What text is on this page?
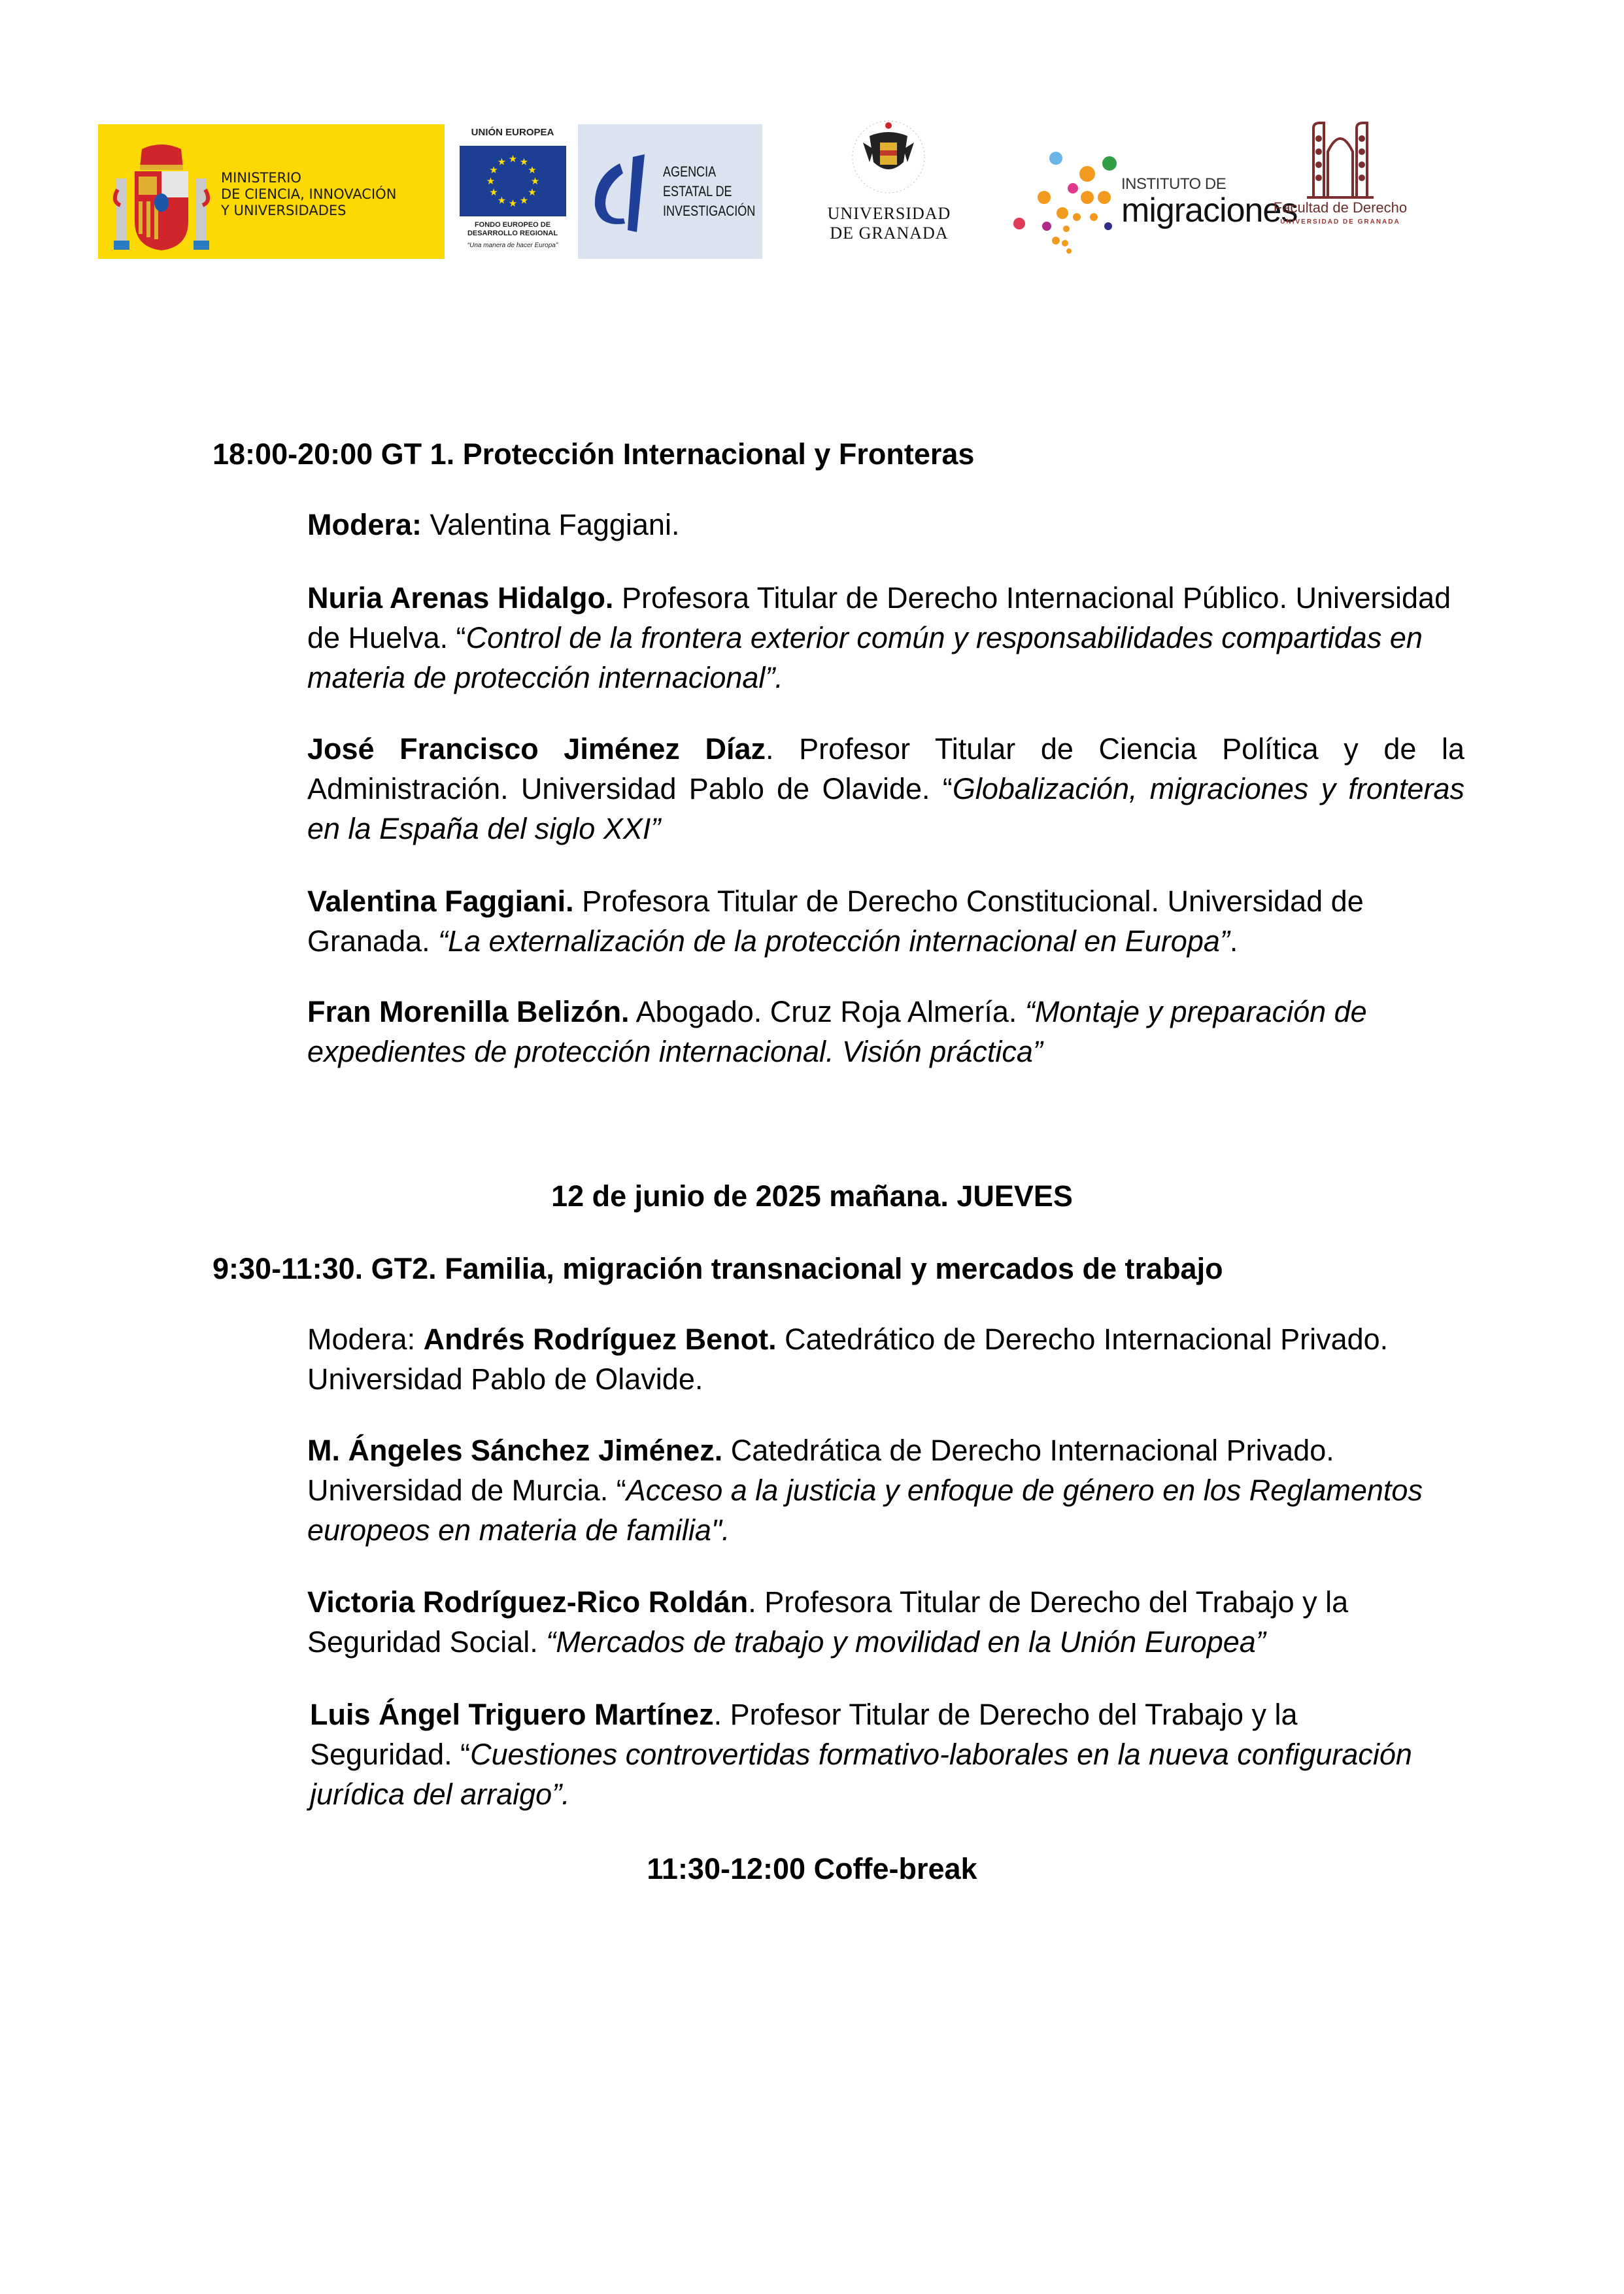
MINISTERIO
DE CIENCIA, INNOVACIÓN
Y UNIVERSIDADES
UNIÓN EUROPEA
★ ★
★
★
★
★
★
★
★
★
★
★
FONDO EUROPEO DE
DESARROLLO REGIONAL
“Una manera de hacer Europa”
AGENCIA
ESTATAL DE
INVESTIGACIÓN	UNIVERSIDAD
DE GRANADA
INSTITUTO DE
migraciones
Facultad de Derecho
UNIVERSIDAD DE GRANADA
18:00-20:00 GT 1. Protección Internacional y Fronteras
Modera: Valentina Faggiani.
Nuria Arenas Hidalgo. Profesora Titular de Derecho Internacional Público. Universidad de Huelva. “Control de la frontera exterior común y responsabilidades compartidas en materia de protección internacional”.
José Francisco Jiménez Díaz. Profesor Titular de Ciencia Política y de la Administración. Universidad Pablo de Olavide. “Globalización, migraciones y fronteras en la España del siglo XXI”
Valentina Faggiani. Profesora Titular de Derecho Constitucional. Universidad de Granada. “La externalización de la protección internacional en Europa”.
Fran Morenilla Belizón. Abogado. Cruz Roja Almería. “Montaje y preparación de expedientes de protección internacional. Visión práctica”
12 de junio de 2025 mañana. JUEVES
9:30-11:30. GT2. Familia, migración transnacional y mercados de trabajo
Modera: Andrés Rodríguez Benot. Catedrático de Derecho Internacional Privado. Universidad Pablo de Olavide.
M. Ángeles Sánchez Jiménez. Catedrática de Derecho Internacional Privado. Universidad de Murcia. “Acceso a la justicia y enfoque de género en los Reglamentos europeos en materia de familia".
Victoria Rodríguez-Rico Roldán. Profesora Titular de Derecho del Trabajo y la Seguridad Social. “Mercados de trabajo y movilidad en la Unión Europea”
Luis Ángel Triguero Martínez. Profesor Titular de Derecho del Trabajo y la Seguridad. “Cuestiones controvertidas formativo-laborales en la nueva configuración jurídica del arraigo”.
11:30-12:00 Coffe-break
